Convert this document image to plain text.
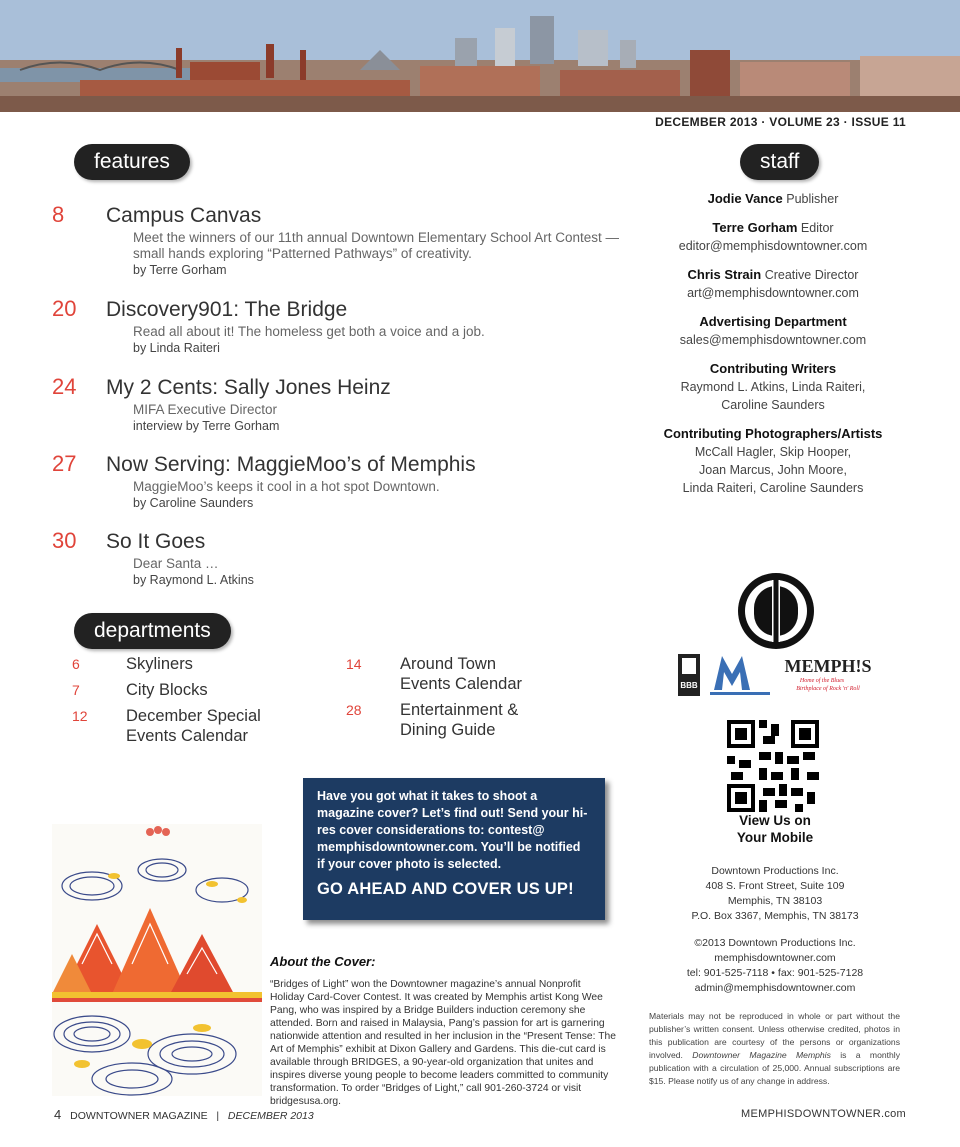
DECEMBER 2013 · VOLUME 23 · ISSUE 11
features
8 Campus Canvas
Meet the winners of our 11th annual Downtown Elementary School Art Contest — small hands exploring “Patterned Pathways” of creativity.
by Terre Gorham
20 Discovery901: The Bridge
Read all about it! The homeless get both a voice and a job.
by Linda Raiteri
24 My 2 Cents: Sally Jones Heinz
MIFA Executive Director
interview by Terre Gorham
27 Now Serving: MaggieMoo’s of Memphis
MaggieMoo’s keeps it cool in a hot spot Downtown.
by Caroline Saunders
30 So It Goes
Dear Santa …
by Raymond L. Atkins
departments
6	Skyliners
7	City Blocks
12 December Special Events Calendar
14 Around Town Events Calendar
28 Entertainment & Dining Guide
staff
Jodie Vance Publisher
Terre Gorham Editor
editor@memphisdowntowner.com
Chris Strain Creative Director
art@memphisdowntowner.com
Advertising Department
sales@memphisdowntowner.com
Contributing Writers
Raymond L. Atkins, Linda Raiteri,
Caroline Saunders
Contributing Photographers/Artists
McCall Hagler, Skip Hooper,
Joan Marcus, John Moore,
Linda Raiteri, Caroline Saunders
BBB
MEMPH!S
Home of the Blues
Birthplace of Rock 'n' Roll
View Us on
Your Mobile
Downtown Productions Inc.
408 S. Front Street, Suite 109
Memphis, TN 38103
P.O. Box 3367, Memphis, TN 38173
©2013 Downtown Productions Inc.
memphisdowntowner.com
tel: 901-525-7118 • fax: 901-525-7128
admin@memphisdowntowner.com
Materials may not be reproduced in whole or part without the publisher’s written consent. Unless otherwise credited, photos in this publication are courtesy of the persons or organizations involved. Downtowner Magazine Memphis is a monthly publication with a circulation of 25,000. Annual subscriptions are $15. Please notify us of any change in address.
Have you got what it takes to shoot a magazine cover? Let’s find out! Send your hi-res cover considerations to: contest@ memphisdowntowner.com. You’ll be notified if your cover photo is selected.
GO AHEAD AND COVER US UP!
About the Cover:
“Bridges of Light” won the Downtowner magazine’s annual Nonprofit Holiday Card-Cover Contest. It was created by Memphis artist Kong Wee Pang, who was inspired by a Bridge Builders induction ceremony she attended. Born and raised in Malaysia, Pang’s passion for art is garnering nationwide attention and resulted in her inclusion in the “Present Tense: The Art of Memphis” exhibit at Dixon Gallery and Gardens. This die-cut card is available through BRIDGES, a 90-year-old organization that unites and inspires diverse young people to become leaders committed to community transformation. To order “Bridges of Light,” call 901-260-3724 or visit bridgesusa.org.
4 DOWNTOWNER MAGAZINE | DECEMBER 2013	MEMPHISDOWNTOWNER.com
